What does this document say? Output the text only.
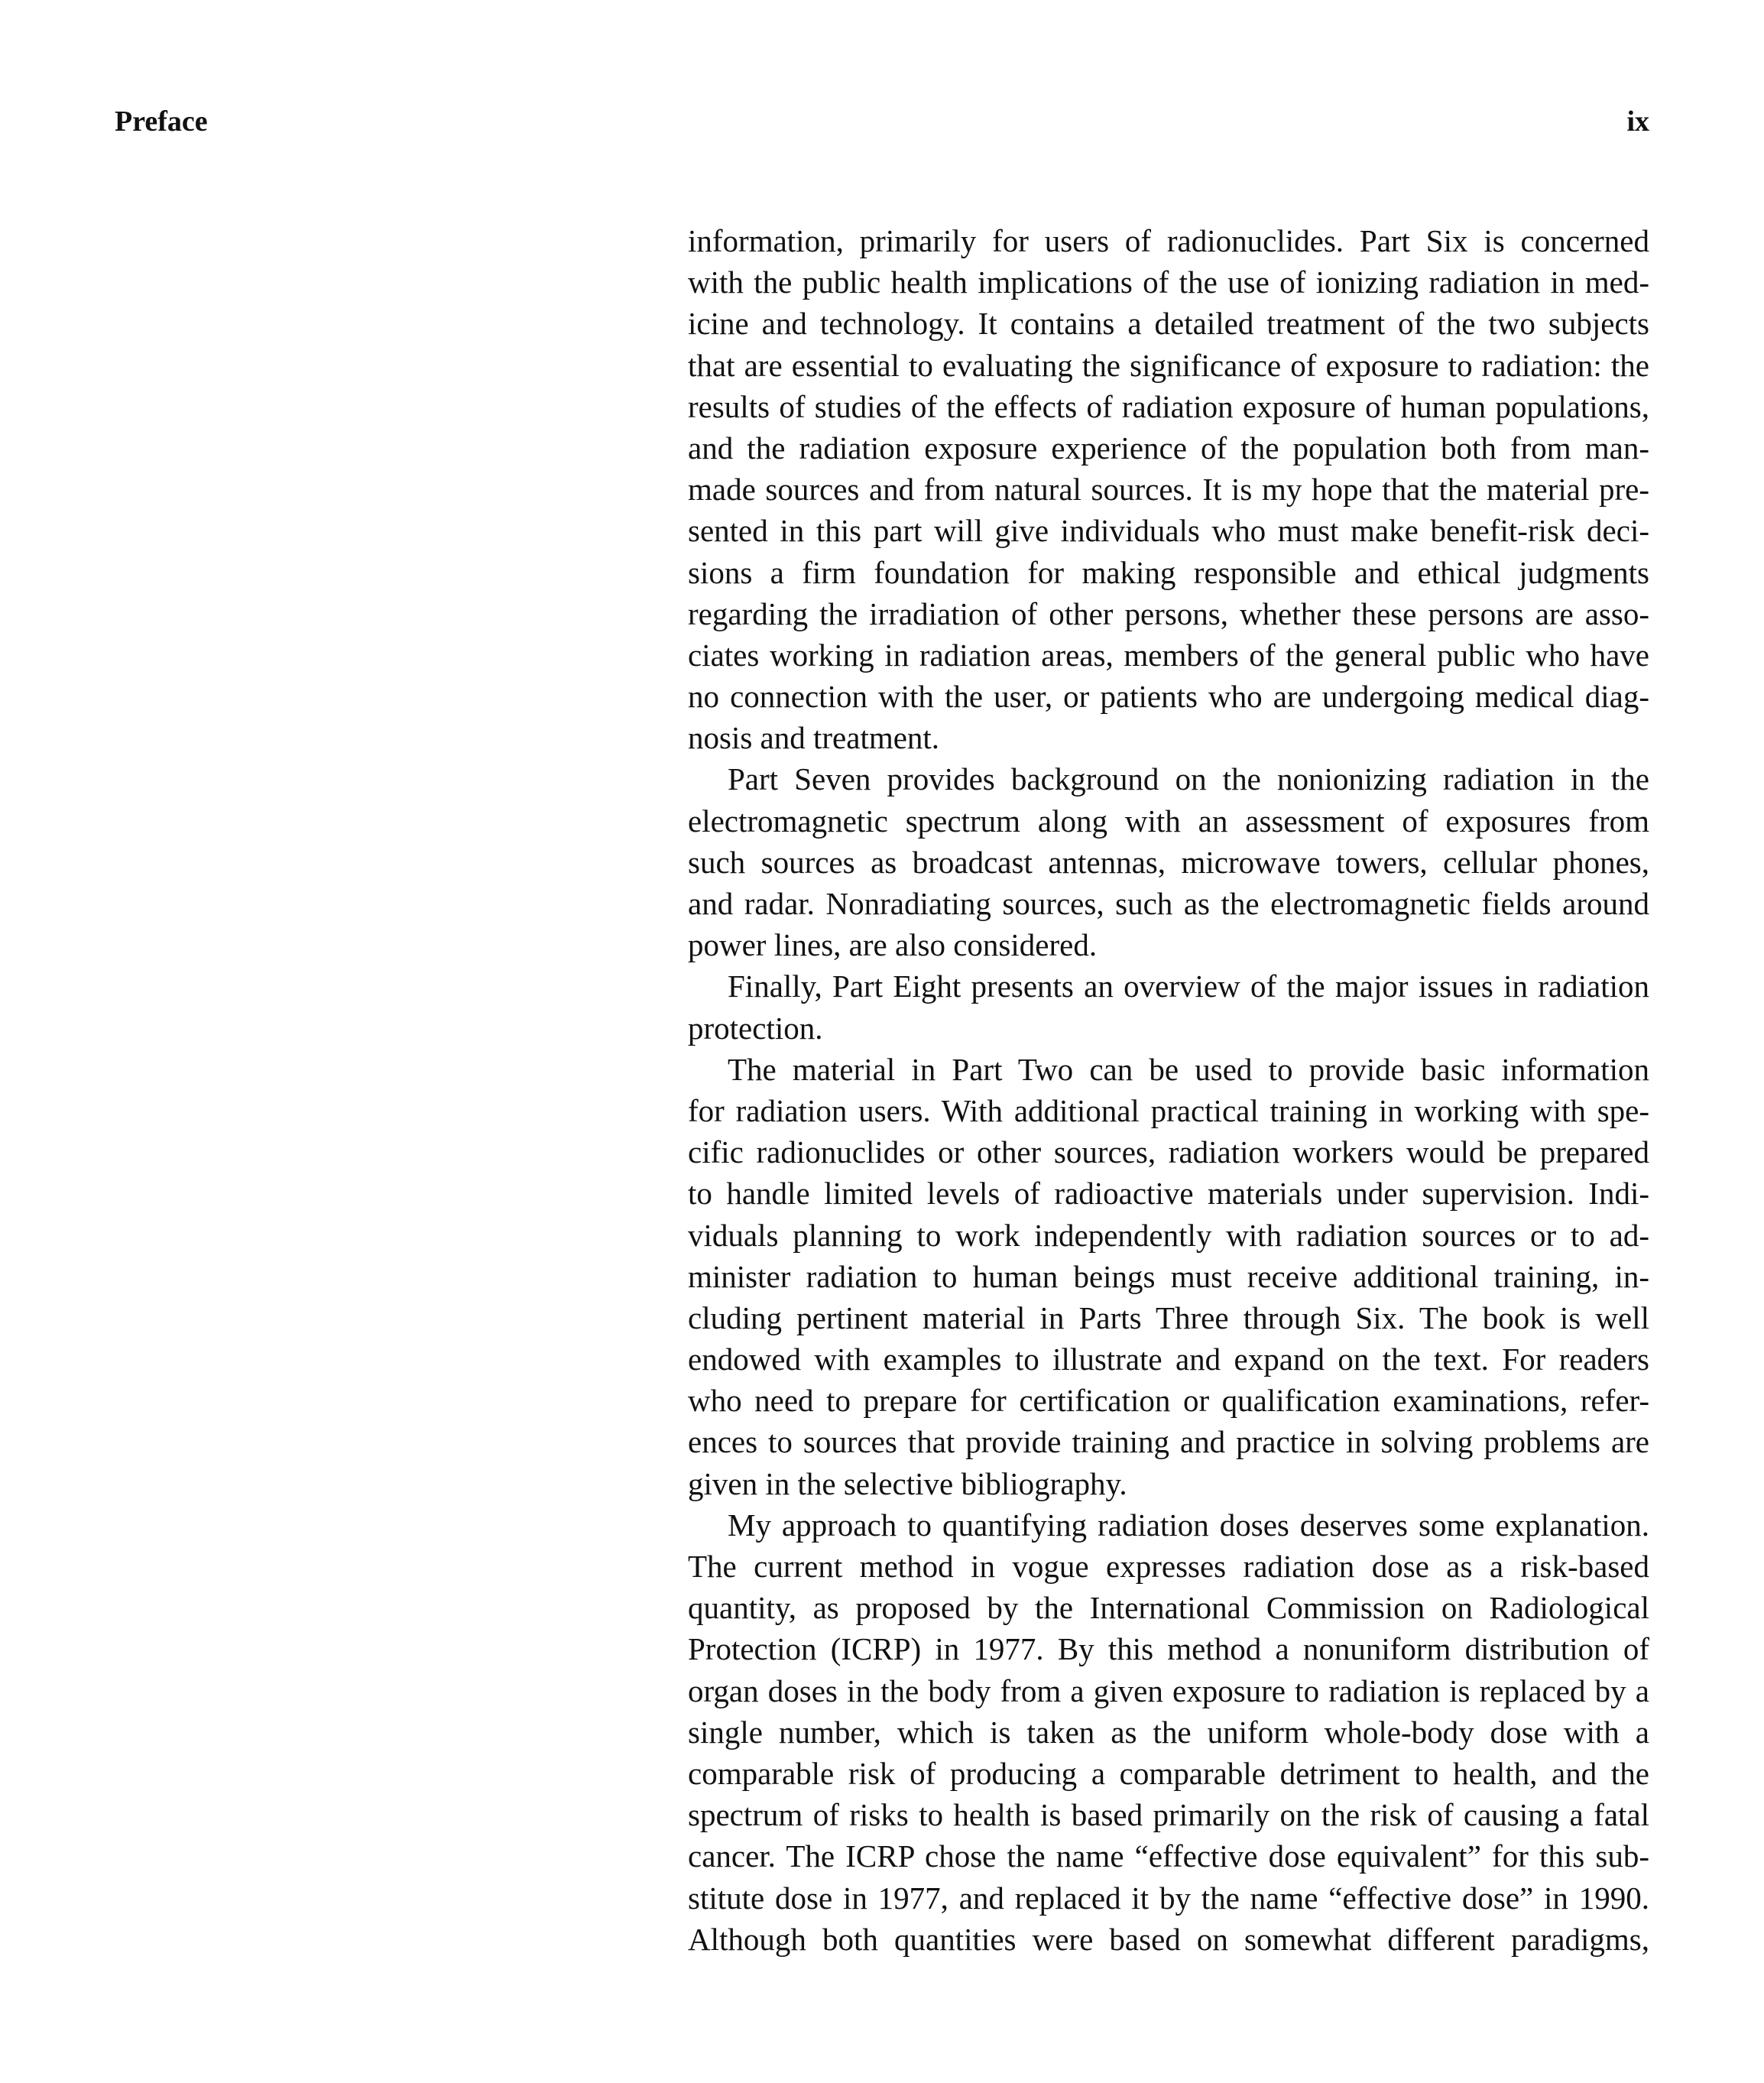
Preface	ix
information, primarily for users of radionuclides. Part Six is concerned
with the public health implications of the use of ionizing radiation in med-
icine and technology. It contains a detailed treatment of the two subjects
that are essential to evaluating the significance of exposure to radiation: the
results of studies of the effects of radiation exposure of human populations,
and the radiation exposure experience of the population both from man-
made sources and from natural sources. It is my hope that the material pre-
sented in this part will give individuals who must make benefit-risk deci-
sions a firm foundation for making responsible and ethical judgments
regarding the irradiation of other persons, whether these persons are asso-
ciates working in radiation areas, members of the general public who have
no connection with the user, or patients who are undergoing medical diag-
nosis and treatment.
Part Seven provides background on the nonionizing radiation in the
electromagnetic spectrum along with an assessment of exposures from
such sources as broadcast antennas, microwave towers, cellular phones,
and radar. Nonradiating sources, such as the electromagnetic fields around
power lines, are also considered.
Finally, Part Eight presents an overview of the major issues in radiation
protection.
The material in Part Two can be used to provide basic information
for radiation users. With additional practical training in working with spe-
cific radionuclides or other sources, radiation workers would be prepared
to handle limited levels of radioactive materials under supervision. Indi-
viduals planning to work independently with radiation sources or to ad-
minister radiation to human beings must receive additional training, in-
cluding pertinent material in Parts Three through Six. The book is well
endowed with examples to illustrate and expand on the text. For readers
who need to prepare for certification or qualification examinations, refer-
ences to sources that provide training and practice in solving problems are
given in the selective bibliography.
My approach to quantifying radiation doses deserves some explanation.
The current method in vogue expresses radiation dose as a risk-based
quantity, as proposed by the International Commission on Radiological
Protection (ICRP) in 1977. By this method a nonuniform distribution of
organ doses in the body from a given exposure to radiation is replaced by a
single number, which is taken as the uniform whole-body dose with a
comparable risk of producing a comparable detriment to health, and the
spectrum of risks to health is based primarily on the risk of causing a fatal
cancer. The ICRP chose the name “effective dose equivalent” for this sub-
stitute dose in 1977, and replaced it by the name “effective dose” in 1990.
Although both quantities were based on somewhat different paradigms,
